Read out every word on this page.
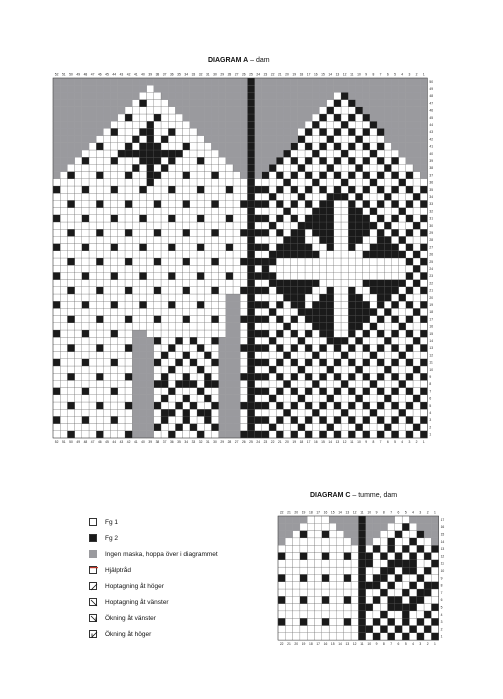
DIAGRAM A – dam
DIAGRAM C – tumme, dam
1
1
2
2
3
3
4
4
5
5
6
6
7
7
8
8
9
9
10
10
11
11
12
12
13
13
14
14
15
15
16
16
17
17
18
18
19
19
20
20
21
21
22
22
23
23
24
24
25
25
26
26
27
27
28
28
29
29
30
30
31
31
32
32
33
33
34
34
35
35
36
36
37
37
38
38
39
39
40
40
41
41
42
42
43
43
44
44
45
45
46
46
47
47
48
48
49
49
50
50
51
51
52
52
1
2
3
4
5
6
7
8
9
10
11
12
13
14
15
16
17
18
19
20
21
22
23
24
25
26
27
28
29
30
31
32
33
34
35
36
37
38
39
40
41
42
43
44
45
46
47
48
49
50
1
1
2
2
3
3
4
4
5
5
6
6
7
7
8
8
9
9
10
10
11
11
12
12
13
13
14
14
15
15
16
16
17
17
18
18
19
19
20
20
21
21
22
22
1
2
3
4
5
6
7
8
9
10
11
12
13
14
15
16
17
Fg 1
Fg 2
Ingen maska, hoppa över i diagrammet
Hjälptråd
Hoptagning åt höger
Hoptagning åt vänster
Ökning åt vänster
Ökning åt höger
